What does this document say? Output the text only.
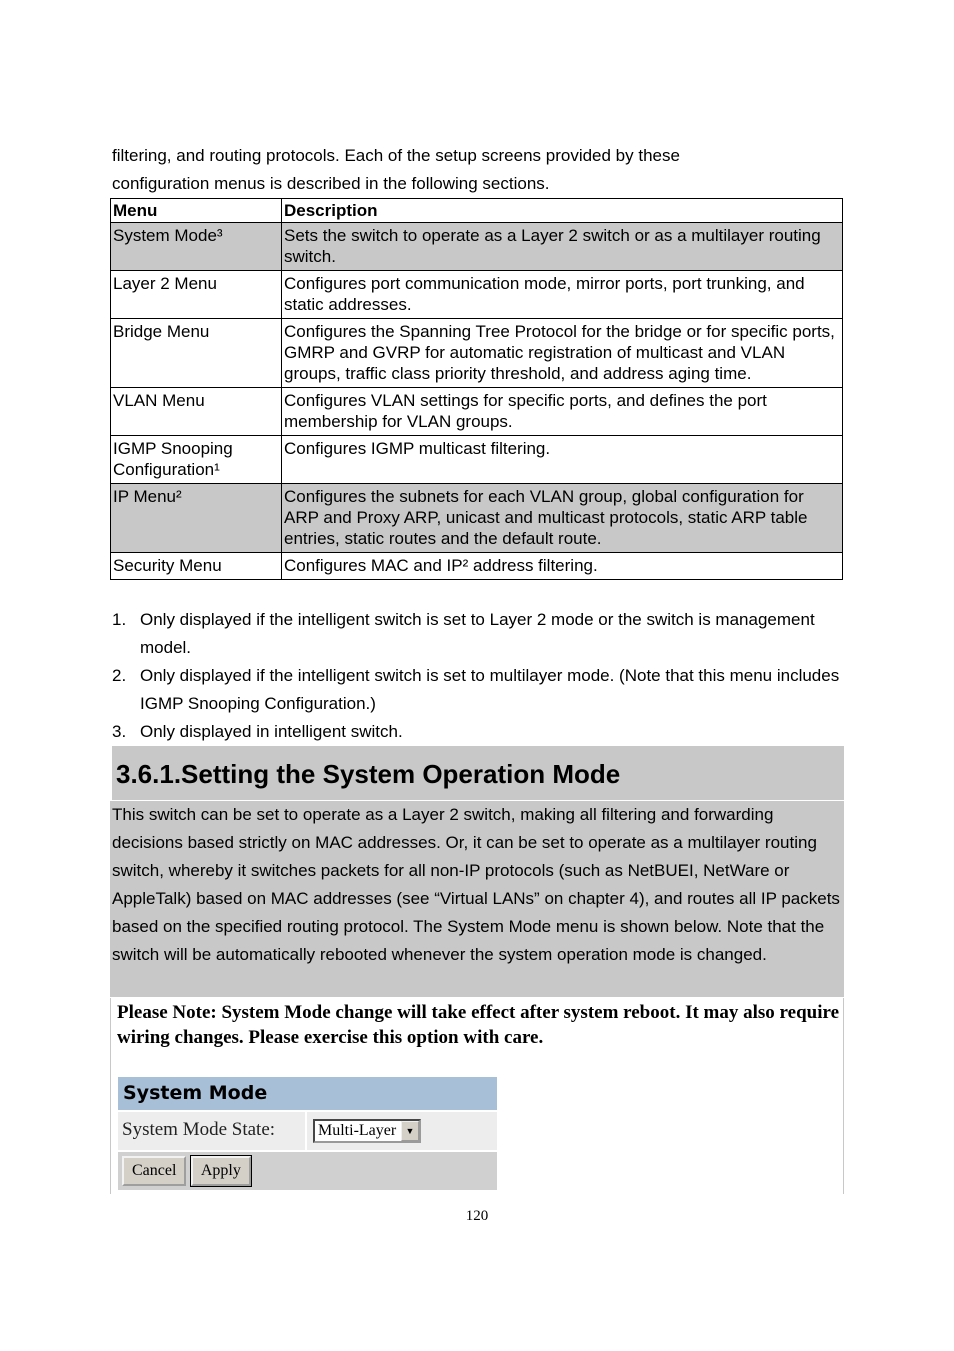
filtering, and routing protocols. Each of the setup screens provided by these
configuration menus is described in the following sections.
Menu	Description
System Mode³	Sets the switch to operate as a Layer 2 switch or as a multilayer routing switch.
Layer 2 Menu	Configures port communication mode, mirror ports, port trunking, and static addresses.
Bridge Menu	Configures the Spanning Tree Protocol for the bridge or for specific ports, GMRP and GVRP for automatic registration of multicast and VLAN groups, traffic class priority threshold, and address aging time.
VLAN Menu	Configures VLAN settings for specific ports, and defines the port membership for VLAN groups.
IGMP Snooping Configuration¹	Configures IGMP multicast filtering.
IP Menu²	Configures the subnets for each VLAN group, global configuration for ARP and Proxy ARP, unicast and multicast protocols, static ARP table entries, static routes and the default route.
Security Menu	Configures MAC and IP² address filtering.
1. Only displayed if the intelligent switch is set to Layer 2 mode or the switch is management model.
2. Only displayed if the intelligent switch is set to multilayer mode. (Note that this menu includes IGMP Snooping Configuration.)
3. Only displayed in intelligent switch.
3.6.1.Setting the System Operation Mode
This switch can be set to operate as a Layer 2 switch, making all filtering and forwarding decisions based strictly on MAC addresses. Or, it can be set to operate as a multilayer routing switch, whereby it switches packets for all non-IP protocols (such as NetBUEI, NetWare or AppleTalk) based on MAC addresses (see “Virtual LANs” on chapter 4), and routes all IP packets based on the specified routing protocol. The System Mode menu is shown below. Note that the switch will be automatically rebooted whenever the system operation mode is changed.
Please Note: System Mode change will take effect after system reboot. It may also require wiring changes. Please exercise this option with care.
System Mode
System Mode State:	Multi-Layer	▼
Cancel Apply
120
